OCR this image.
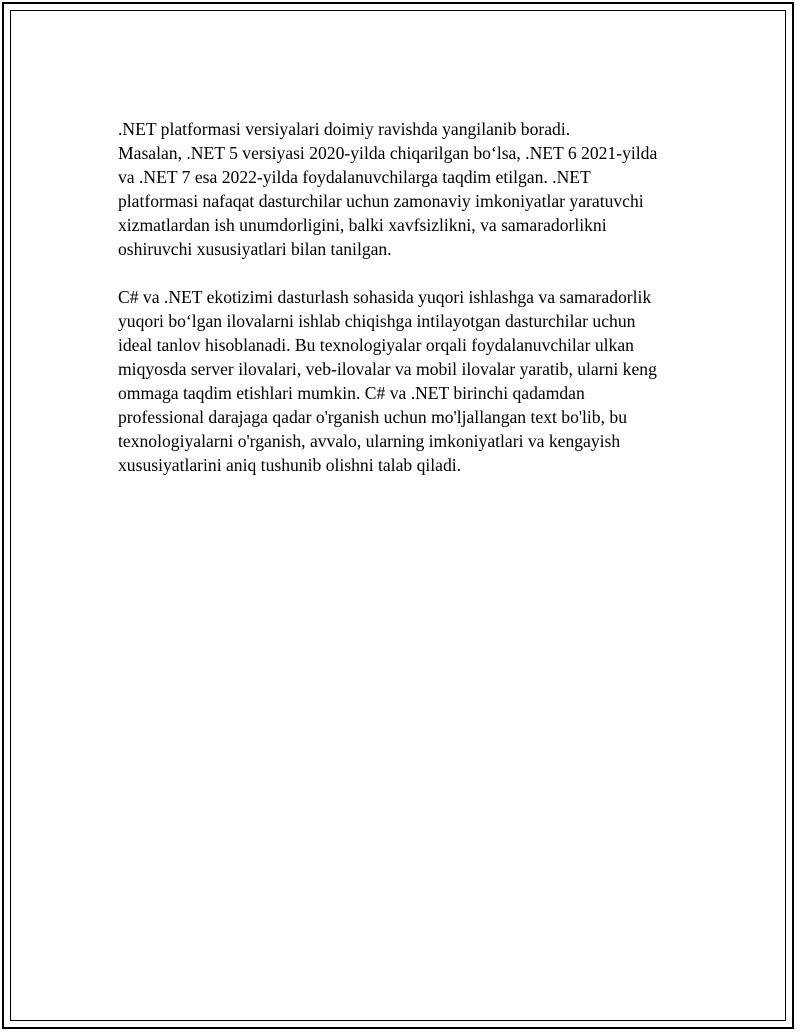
.NET platformasi versiyalari doimiy ravishda yangilanib boradi.
Masalan, .NET 5 versiyasi 2020-yilda chiqarilgan bo‘lsa, .NET 6 2021-yilda
va .NET 7 esa 2022-yilda foydalanuvchilarga taqdim etilgan. .NET
platformasi nafaqat dasturchilar uchun zamonaviy imkoniyatlar yaratuvchi
xizmatlardan ish unumdorligini, balki xavfsizlikni, va samaradorlikni
oshiruvchi xususiyatlari bilan tanilgan.

C# va .NET ekotizimi dasturlash sohasida yuqori ishlashga va samaradorlik
yuqori bo‘lgan ilovalarni ishlab chiqishga intilayotgan dasturchilar uchun
ideal tanlov hisoblanadi. Bu texnologiyalar orqali foydalanuvchilar ulkan
miqyosda server ilovalari, veb-ilovalar va mobil ilovalar yaratib, ularni keng
ommaga taqdim etishlari mumkin. C# va .NET birinchi qadamdan
professional darajaga qadar o'rganish uchun mo'ljallangan text bo'lib, bu
texnologiyalarni o'rganish, avvalo, ularning imkoniyatlari va kengayish
xususiyatlarini aniq tushunib olishni talab qiladi.
